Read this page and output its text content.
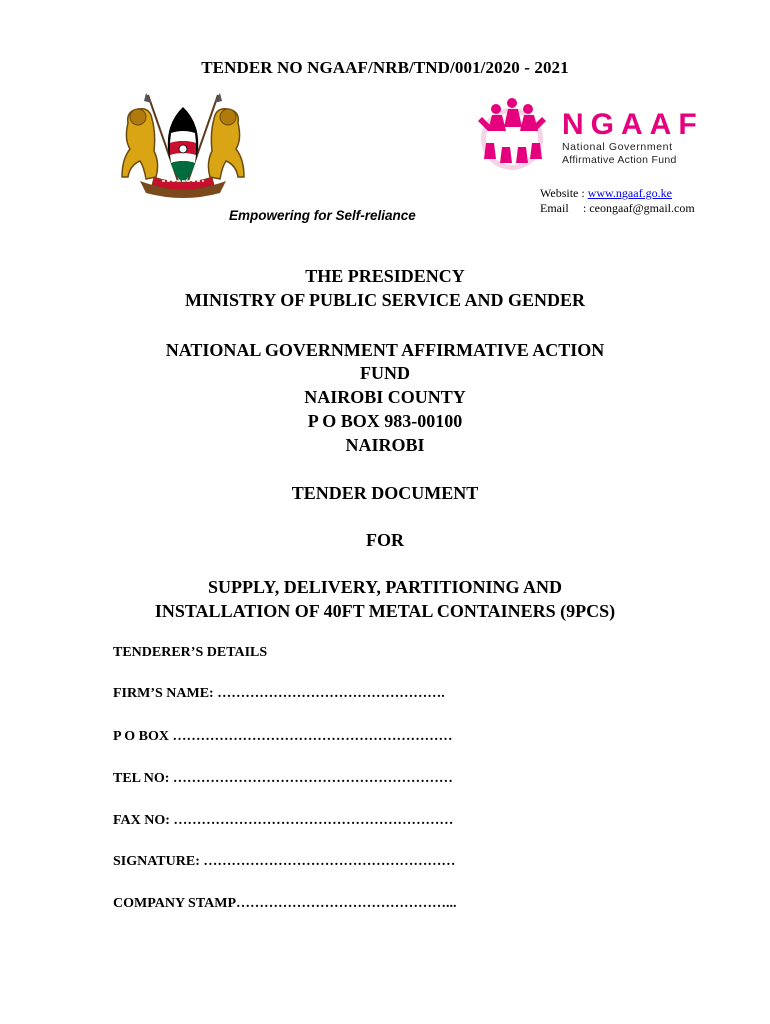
TENDER NO NGAAF/NRB/TND/001/2020 - 2021
Empowering for Self-reliance
NGAAF
National Government
Affirmative Action Fund
Website : www.ngaaf.go.ke
Email : ceongaaf@gmail.com
THE PRESIDENCY
MINISTRY OF PUBLIC SERVICE AND GENDER
NATIONAL GOVERNMENT AFFIRMATIVE ACTION
FUND
NAIROBI COUNTY
P O BOX 983-00100
NAIROBI
TENDER DOCUMENT
FOR
SUPPLY, DELIVERY, PARTITIONING AND
INSTALLATION OF 40FT METAL CONTAINERS (9PCS)
TENDERER’S DETAILS
FIRM’S NAME: ………………………………………….
P O BOX ……………………………………………………
TEL NO: ……………………………………………………
FAX NO: ……………………………………………………
SIGNATURE: ………………………………………………
COMPANY STAMP………………………………………...
